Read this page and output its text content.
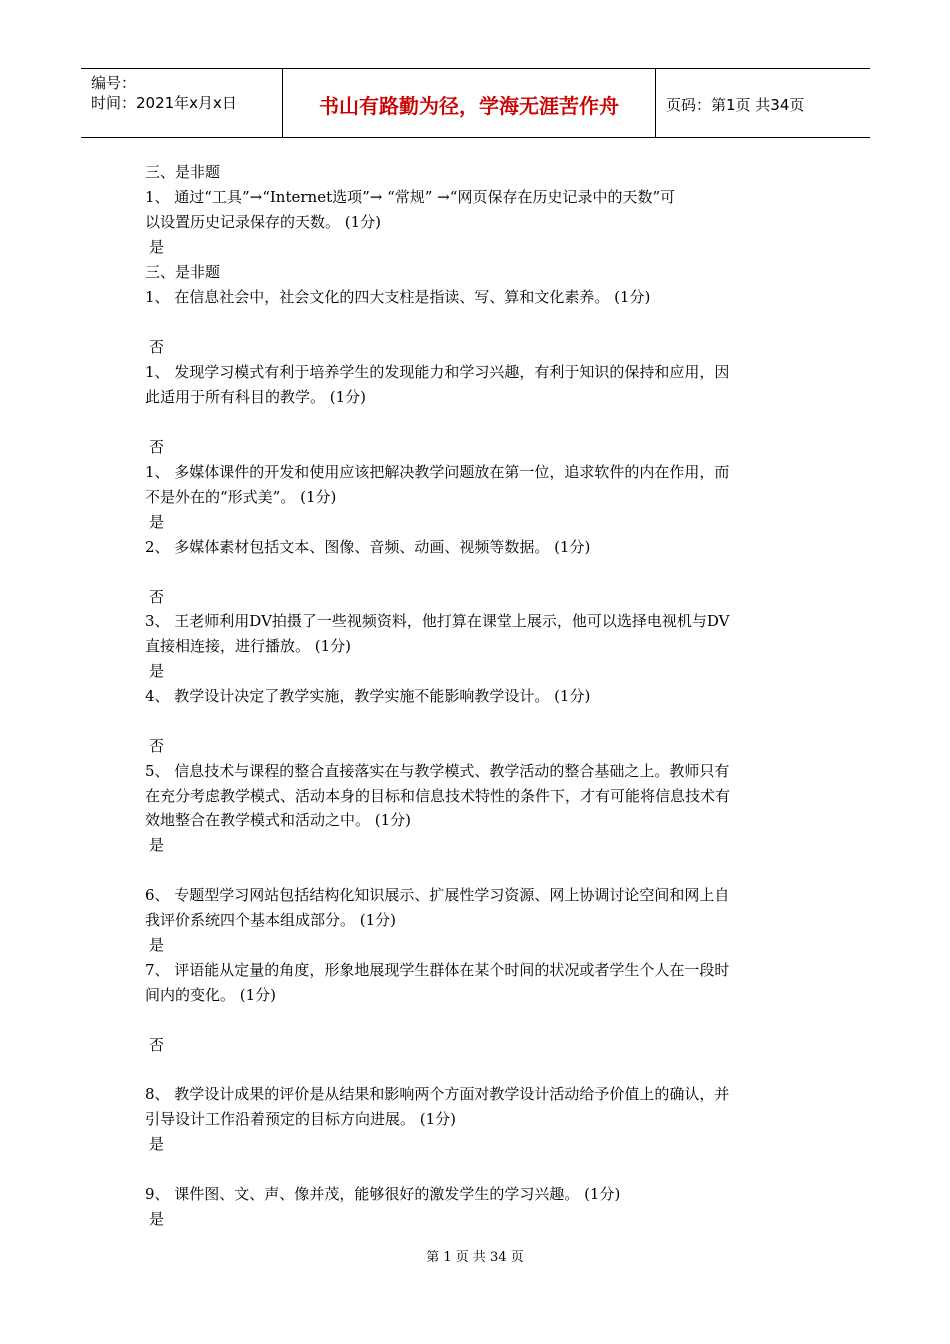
编号：
时间：2021年x月x日	书山有路勤为径，学海无涯苦作舟	页码：第1页 共34页
三、是非题
1、 通过“工具”→“Internet选项”→ “常规” →“网页保存在历史记录中的天数”可
以设置历史记录保存的天数。 (1分)
是
三、是非题
1、 在信息社会中，社会文化的四大支柱是指读、写、算和文化素养。 (1分)
否
1、 发现学习模式有利于培养学生的发现能力和学习兴趣，有利于知识的保持和应用，因
此适用于所有科目的教学。 (1分)
否
1、 多媒体课件的开发和使用应该把解决教学问题放在第一位，追求软件的内在作用，而
不是外在的“形式美”。 (1分)
是
2、 多媒体素材包括文本、图像、音频、动画、视频等数据。 (1分)
否
3、 王老师利用DV拍摄了一些视频资料，他打算在课堂上展示，他可以选择电视机与DV
直接相连接，进行播放。 (1分)
是
4、 教学设计决定了教学实施，教学实施不能影响教学设计。 (1分)
否
5、 信息技术与课程的整合直接落实在与教学模式、教学活动的整合基础之上。教师只有
在充分考虑教学模式、活动本身的目标和信息技术特性的条件下，才有可能将信息技术有
效地整合在教学模式和活动之中。 (1分)
是
6、 专题型学习网站包括结构化知识展示、扩展性学习资源、网上协调讨论空间和网上自
我评价系统四个基本组成部分。 (1分)
是
7、 评语能从定量的角度，形象地展现学生群体在某个时间的状况或者学生个人在一段时
间内的变化。 (1分)
否
8、 教学设计成果的评价是从结果和影响两个方面对教学设计活动给予价值上的确认，并
引导设计工作沿着预定的目标方向进展。 (1分)
是
9、 课件图、文、声、像并茂，能够很好的激发学生的学习兴趣。 (1分)
是
第 1 页 共 34 页
